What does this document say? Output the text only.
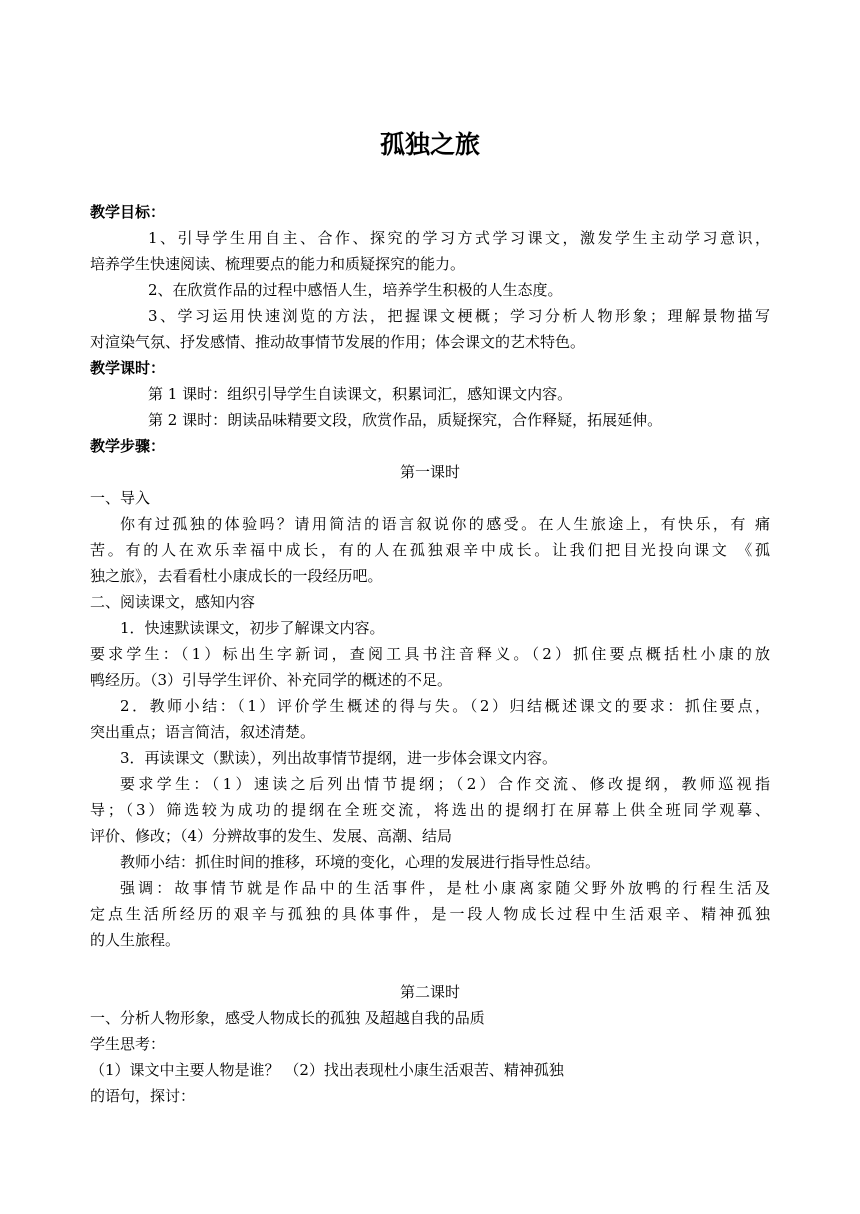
孤独之旅
教学目标：
1、引导学生用自主、合作、探究的学习方式学习课文，激发学生主动学习意识，
培养学生快速阅读、梳理要点的能力和质疑探究的能力。
2、在欣赏作品的过程中感悟人生，培养学生积极的人生态度。
3、学习运用快速浏览的方法，把握课文梗概；学习分析人物形象；理解景物描写
对渲染气氛、抒发感情、推动故事情节发展的作用；体会课文的艺术特色。
教学课时：
第 1 课时：组织引导学生自读课文，积累词汇，感知课文内容。
第 2 课时：朗读品味精要文段，欣赏作品，质疑探究，合作释疑，拓展延伸。
教学步骤：
第一课时
一、导入
你有过孤独的体验吗？请用简洁的语言叙说你的感受。在人生旅途上，有快乐，有 痛
苦。有的人在欢乐幸福中成长，有的人在孤独艰辛中成长。让我们把目光投向课文 《孤
独之旅》，去看看杜小康成长的一段经历吧。
二、阅读课文，感知内容
1．快速默读课文，初步了解课文内容。
要求学生：（1）标出生字新词，查阅工具书注音释义。（2）抓住要点概括杜小康的放
鸭经历。（3）引导学生评价、补充同学的概述的不足。
2．教师小结：（1）评价学生概述的得与失。（2）归结概述课文的要求：抓住要点，
突出重点；语言简洁，叙述清楚。
3．再读课文（默读），列出故事情节提纲，进一步体会课文内容。
要求学生：（1）速读之后列出情节提纲；（2）合作交流、修改提纲，教师巡视指
导；（3）筛选较为成功的提纲在全班交流，将选出的提纲打在屏幕上供全班同学观摹、
评价、修改；（4）分辨故事的发生、发展、高潮、结局
教师小结：抓住时间的推移，环境的变化，心理的发展进行指导性总结。
强调：故事情节就是作品中的生活事件，是杜小康离家随父野外放鸭的行程生活及
定点生活所经历的艰辛与孤独的具体事件，是一段人物成长过程中生活艰辛、精神孤独
的人生旅程。
第二课时
一、分析人物形象，感受人物成长的孤独 及超越自我的品质
学生思考：
（1）课文中主要人物是谁？ （2）找出表现杜小康生活艰苦、精神孤独
的语句，探讨：
